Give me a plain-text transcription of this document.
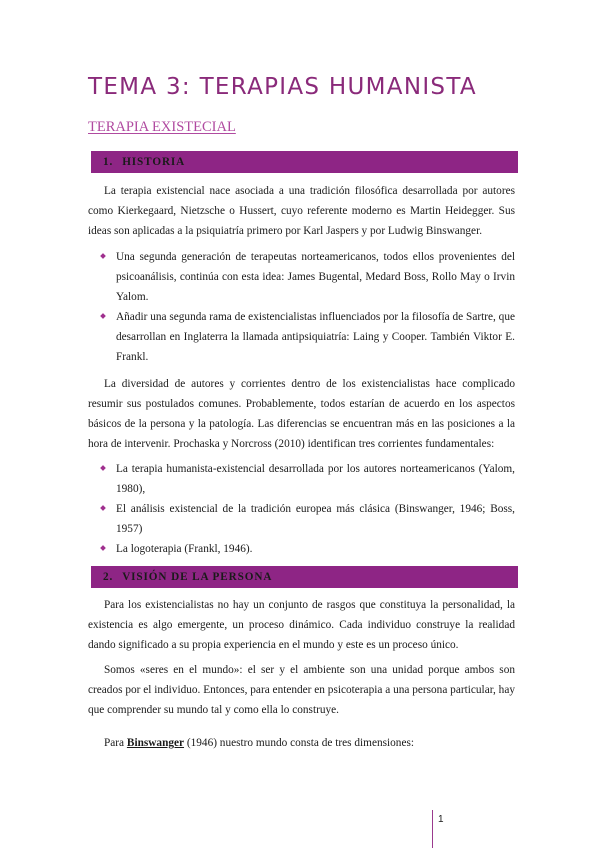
TEMA 3: TERAPIAS HUMANISTA
TERAPIA EXISTECIAL
1. HISTORIA

La terapia existencial nace asociada a una tradición filosófica desarrollada por autores como Kierkegaard, Nietzsche o Hussert, cuyo referente moderno es Martin Heidegger. Sus ideas son aplicadas a la psiquiatría primero por Karl Jaspers y por Ludwig Binswanger.

Una segunda generación de terapeutas norteamericanos, todos ellos provenientes del psicoanálisis, continúa con esta idea: James Bugental, Medard Boss, Rollo May o Irvin Yalom.
Añadir una segunda rama de existencialistas influenciados por la filosofía de Sartre, que desarrollan en Inglaterra la llamada antipsiquiatría: Laing y Cooper. También Viktor E. Frankl.

La diversidad de autores y corrientes dentro de los existencialistas hace complicado resumir sus postulados comunes. Probablemente, todos estarían de acuerdo en los aspectos básicos de la persona y la patología. Las diferencias se encuentran más en las posiciones a la hora de intervenir. Prochaska y Norcross (2010) identifican tres corrientes fundamentales:

La terapia humanista-existencial desarrollada por los autores norteamericanos (Yalom, 1980),
El análisis existencial de la tradición europea más clásica (Binswanger, 1946; Boss, 1957)
La logoterapia (Frankl, 1946).
2. VISIÓN DE LA PERSONA

Para los existencialistas no hay un conjunto de rasgos que constituya la personalidad, la existencia es algo emergente, un proceso dinámico. Cada individuo construye la realidad dando significado a su propia experiencia en el mundo y este es un proceso único.

Somos «seres en el mundo»: el ser y el ambiente son una unidad porque ambos son creados por el individuo. Entonces, para entender en psicoterapia a una persona particular, hay que comprender su mundo tal y como ella lo construye.

Para Binswanger (1946) nuestro mundo consta de tres dimensiones:

1
